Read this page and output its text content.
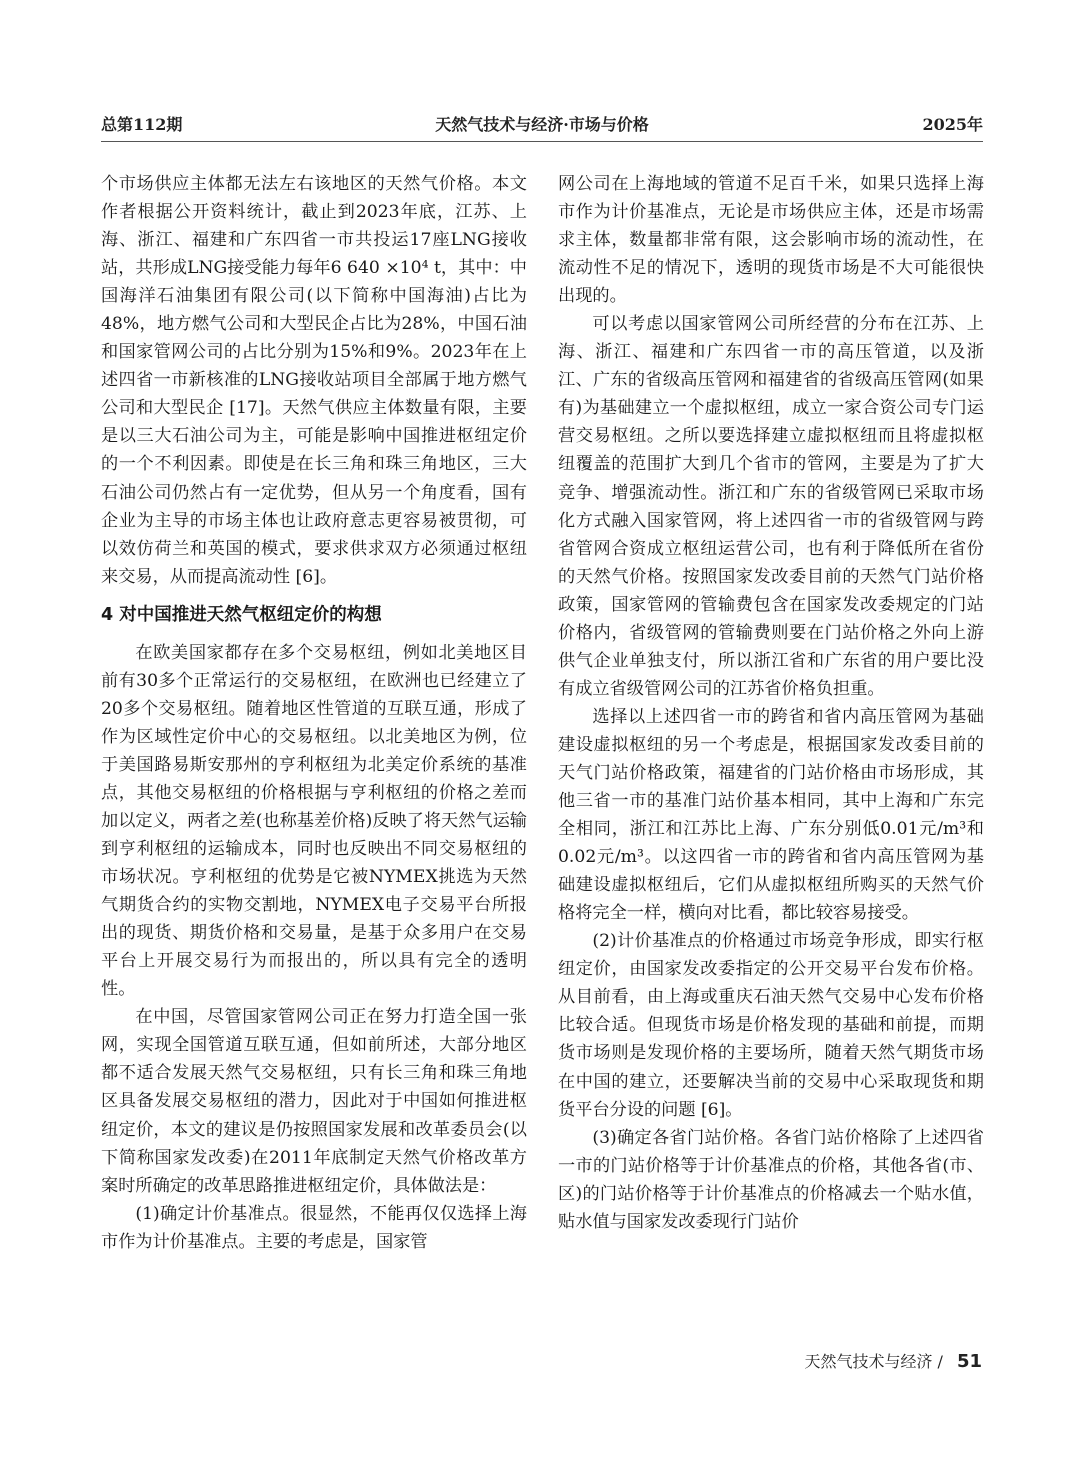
总第112期	天然气技术与经济·市场与价格	2025年

个市场供应主体都无法左右该地区的天然气价格。本文作者根据公开资料统计，截止到2023年底，江苏、上海、浙江、福建和广东四省一市共投运17座LNG接收站，共形成LNG接受能力每年6 640 ×10⁴ t，其中：中国海洋石油集团有限公司(以下简称中国海油)占比为48%，地方燃气公司和大型民企占比为28%，中国石油和国家管网公司的占比分别为15%和9%。2023年在上述四省一市新核准的LNG接收站项目全部属于地方燃气公司和大型民企 [17]。天然气供应主体数量有限，主要是以三大石油公司为主，可能是影响中国推进枢纽定价的一个不利因素。即使是在长三角和珠三角地区，三大石油公司仍然占有一定优势，但从另一个角度看，国有企业为主导的市场主体也让政府意志更容易被贯彻，可以效仿荷兰和英国的模式，要求供求双方必须通过枢纽来交易，从而提高流动性 [6]。

4 对中国推进天然气枢纽定价的构想

在欧美国家都存在多个交易枢纽，例如北美地区目前有30多个正常运行的交易枢纽，在欧洲也已经建立了20多个交易枢纽。随着地区性管道的互联互通，形成了作为区域性定价中心的交易枢纽。以北美地区为例，位于美国路易斯安那州的亨利枢纽为北美定价系统的基准点，其他交易枢纽的价格根据与亨利枢纽的价格之差而加以定义，两者之差(也称基差价格)反映了将天然气运输到亨利枢纽的运输成本，同时也反映出不同交易枢纽的市场状况。亨利枢纽的优势是它被NYMEX挑选为天然气期货合约的实物交割地，NYMEX电子交易平台所报出的现货、期货价格和交易量，是基于众多用户在交易平台上开展交易行为而报出的，所以具有完全的透明性。

在中国，尽管国家管网公司正在努力打造全国一张网，实现全国管道互联互通，但如前所述，大部分地区都不适合发展天然气交易枢纽，只有长三角和珠三角地区具备发展交易枢纽的潜力，因此对于中国如何推进枢纽定价，本文的建议是仍按照国家发展和改革委员会(以下简称国家发改委)在2011年底制定天然气价格改革方案时所确定的改革思路推进枢纽定价，具体做法是：

(1)确定计价基准点。很显然，不能再仅仅选择上海市作为计价基准点。主要的考虑是，国家管

网公司在上海地域的管道不足百千米，如果只选择上海市作为计价基准点，无论是市场供应主体，还是市场需求主体，数量都非常有限，这会影响市场的流动性，在流动性不足的情况下，透明的现货市场是不大可能很快出现的。

可以考虑以国家管网公司所经营的分布在江苏、上海、浙江、福建和广东四省一市的高压管道，以及浙江、广东的省级高压管网和福建省的省级高压管网(如果有)为基础建立一个虚拟枢纽，成立一家合资公司专门运营交易枢纽。之所以要选择建立虚拟枢纽而且将虚拟枢纽覆盖的范围扩大到几个省市的管网，主要是为了扩大竞争、增强流动性。浙江和广东的省级管网已采取市场化方式融入国家管网，将上述四省一市的省级管网与跨省管网合资成立枢纽运营公司，也有利于降低所在省份的天然气价格。按照国家发改委目前的天然气门站价格政策，国家管网的管输费包含在国家发改委规定的门站价格内，省级管网的管输费则要在门站价格之外向上游供气企业单独支付，所以浙江省和广东省的用户要比没有成立省级管网公司的江苏省价格负担重。

选择以上述四省一市的跨省和省内高压管网为基础建设虚拟枢纽的另一个考虑是，根据国家发改委目前的天气门站价格政策，福建省的门站价格由市场形成，其他三省一市的基准门站价基本相同，其中上海和广东完全相同，浙江和江苏比上海、广东分别低0.01元/m³和0.02元/m³。以这四省一市的跨省和省内高压管网为基础建设虚拟枢纽后，它们从虚拟枢纽所购买的天然气价格将完全一样，横向对比看，都比较容易接受。

(2)计价基准点的价格通过市场竞争形成，即实行枢纽定价，由国家发改委指定的公开交易平台发布价格。从目前看，由上海或重庆石油天然气交易中心发布价格比较合适。但现货市场是价格发现的基础和前提，而期货市场则是发现价格的主要场所，随着天然气期货市场在中国的建立，还要解决当前的交易中心采取现货和期货平台分设的问题 [6]。

(3)确定各省门站价格。各省门站价格除了上述四省一市的门站价格等于计价基准点的价格，其他各省(市、区)的门站价格等于计价基准点的价格减去一个贴水值，贴水值与国家发改委现行门站价

天然气技术与经济 / 51
